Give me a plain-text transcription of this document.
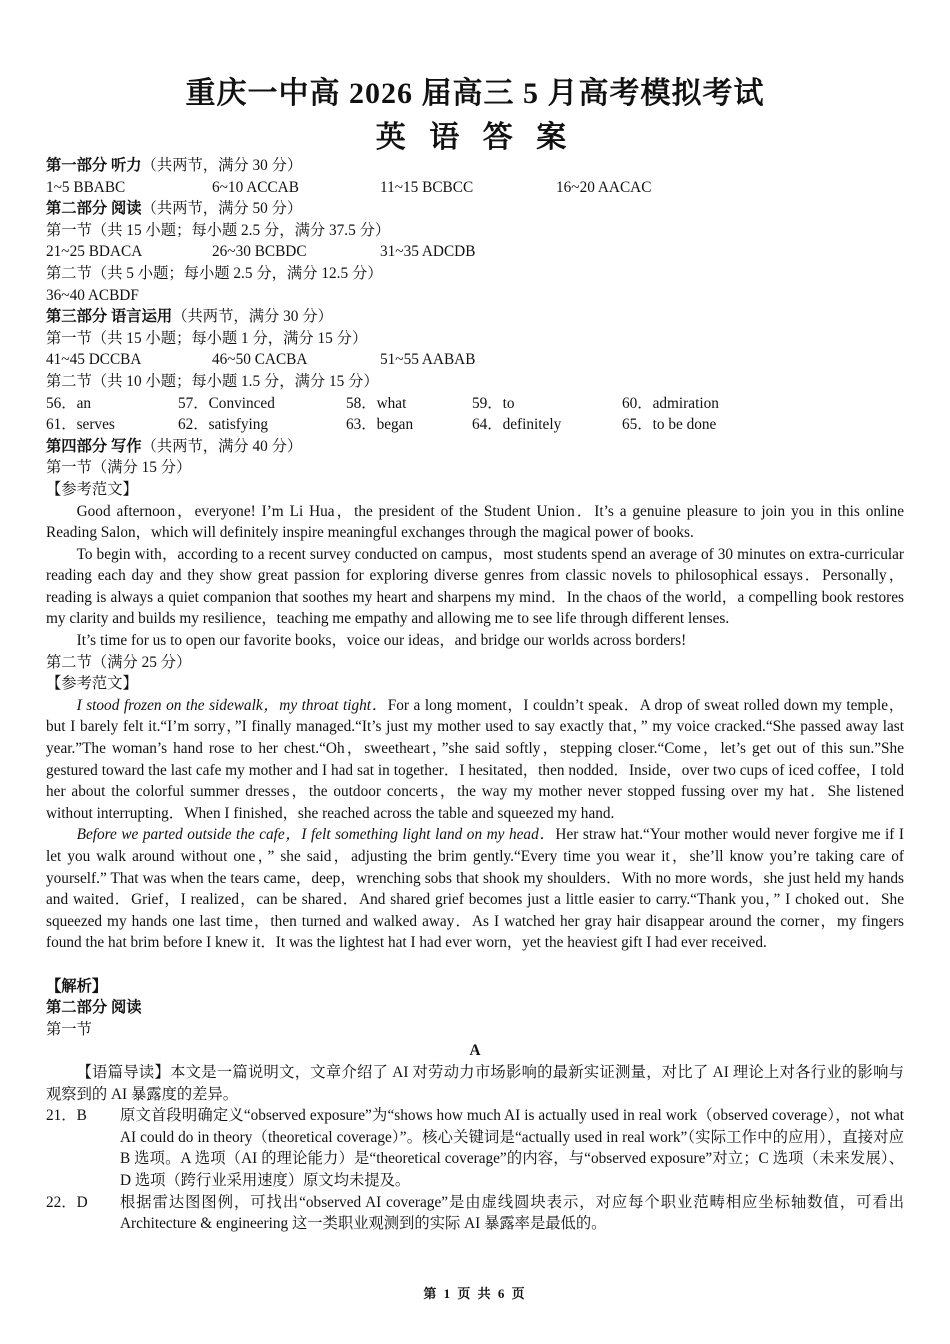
重庆一中高 2026 届高三 5 月高考模拟考试
英 语 答 案
第一部分 听力（共两节，满分 30 分）
1~5 BBABC	6~10 ACCAB	11~15 BCBCC	16~20 AACAC
第二部分 阅读（共两节，满分 50 分）
第一节（共 15 小题；每小题 2.5 分，满分 37.5 分）
21~25 BDACA	26~30 BCBDC	31~35 ADCDB
第二节（共 5 小题；每小题 2.5 分，满分 12.5 分）
36~40 ACBDF
第三部分 语言运用（共两节，满分 30 分）
第一节（共 15 小题；每小题 1 分，满分 15 分）
41~45 DCCBA	46~50 CACBA	51~55 AABAB
第二节（共 10 小题；每小题 1.5 分，满分 15 分）
56．an	57．Convinced	58．what	59．to	60．admiration
61．serves	62．satisfying	63．began	64．definitely	65．to be done
第四部分 写作（共两节，满分 40 分）
第一节（满分 15 分）
【参考范文】

Good afternoon，everyone! I’m Li Hua，the president of the Student Union．It’s a genuine pleasure to join you in this online Reading Salon，which will definitely inspire meaningful exchanges through the magical power of books.

To begin with，according to a recent survey conducted on campus，most students spend an average of 30 minutes on extra-curricular reading each day and they show great passion for exploring diverse genres from classic novels to philosophical essays．Personally，reading is always a quiet companion that soothes my heart and sharpens my mind．In the chaos of the world，a compelling book restores my clarity and builds my resilience，teaching me empathy and allowing me to see life through different lenses.

It’s time for us to open our favorite books，voice our ideas，and bridge our worlds across borders!

第二节（满分 25 分）
【参考范文】

I stood frozen on the sidewalk，my throat tight．For a long moment，I couldn’t speak．A drop of sweat rolled down my temple，but I barely felt it.“I’m sorry，”I finally managed.“It’s just my mother used to say exactly that，” my voice cracked.“She passed away last year.”The woman’s hand rose to her chest.“Oh，sweetheart，”she said softly，stepping closer.“Come，let’s get out of this sun.”She gestured toward the last cafe my mother and I had sat in together．I hesitated，then nodded．Inside，over two cups of iced coffee，I told her about the colorful summer dresses，the outdoor concerts，the way my mother never stopped fussing over my hat．She listened without interrupting．When I finished，she reached across the table and squeezed my hand.

Before we parted outside the cafe，I felt something light land on my head．Her straw hat.“Your mother would never forgive me if I let you walk around without one，” she said，adjusting the brim gently.“Every time you wear it，she’ll know you’re taking care of yourself.” That was when the tears came，deep，wrenching sobs that shook my shoulders．With no more words，she just held my hands and waited．Grief，I realized，can be shared．And shared grief becomes just a little easier to carry.“Thank you，” I choked out．She squeezed my hands one last time，then turned and walked away．As I watched her gray hair disappear around the corner，my fingers found the hat brim before I knew it．It was the lightest hat I had ever worn，yet the heaviest gift I had ever received.

【解析】
第二部分 阅读
第一节
A

【语篇导读】本文是一篇说明文，文章介绍了 AI 对劳动力市场影响的最新实证测量，对比了 AI 理论上对各行业的影响与观察到的 AI 暴露度的差异。

21．B	原文首段明确定义“observed exposure”为“shows how much AI is actually used in real work（observed coverage），not what AI could do in theory（theoretical coverage）”。核心关键词是“actually used in real work”（实际工作中的应用），直接对应 B 选项。A 选项（AI 的理论能力）是“theoretical coverage”的内容，与“observed exposure”对立；C 选项（未来发展）、D 选项（跨行业采用速度）原文均未提及。
22．D	根据雷达图图例，可找出“observed AI coverage”是由虚线圆块表示，对应每个职业范畴相应坐标轴数值，可看出 Architecture & engineering 这一类职业观测到的实际 AI 暴露率是最低的。
第 1 页 共 6 页
